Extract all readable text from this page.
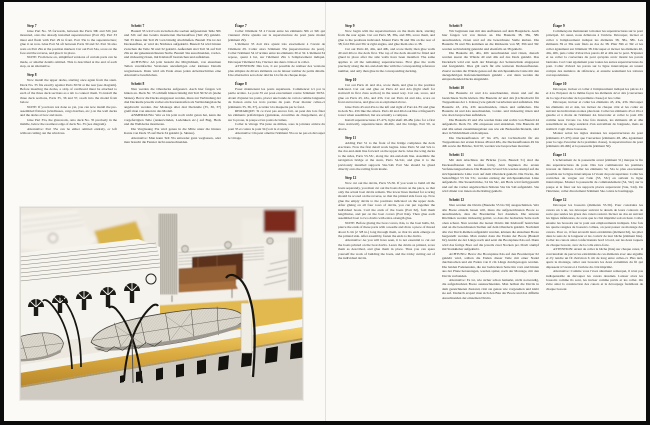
Step 7

Glue Part No. 33 forwards, between the Parts 30b and 32b just mounted, onto the already installed superstructure (Part 29). Part 33 must end flush with Part 29 in front. Part 33a is the superstructure; glue it on now. Glue Part 34 aft between Parts 30 and 32. Part 34 also rests on Part 29a at the position marked. Cut out Part 34a, score on the face and the reverse, and glue it in place.

NOTE: From here on, simplified versions of certain parts can be made, or smaller details omitted. This is described at the end of each step, as an alternative.

Step 8

Now install the upper decks, starting once again from the stern. Deck No. 35 fits exactly against Parts 30/32 at the rear (see diagram). Before inserting the decks, a strip of cardboard must be attached to each of the three deck sections as a tab to connect them. To install the three deck sections, Parts 35, 36 and 37, reach into the model from below.

NOTE: If you have not done so yet, you can now install the pre-assembled fixtures (windlasses, cargo hatches, etc.) on the well decks and the decks at bow and stern.

Glue Part 35a, the glasswork, onto deck No. 35 precisely in the middle, below the rearmost edge of deck No. 35 (see diagram).

Alternative: Part 35a can be either omitted entirely, or left without cutting out the windows.

Schritt 7

Bauteil 33 wird vorn zwischen die soeben aufgesetzten Teile 30b und 32b auf den bereits montierten Decksaufbau (Teil 29) geklebt. Teil 33 muss mit Teil 29 vorn bündig abschließen. Bauteil 33a ist der Decksaufbau, er wird als Nächstes aufgeklebt. Bauteil 34 wird hinten zwischen die Teile 30 und 32 geklebt. Außerdem sitzt Teil 34 auf Teil 29a an der gekennzeichneten Stelle. Bauteil 34a ausschneiden, vorder- und rückseitig ritzen, mit Klebstoff bestreichen und aufkleben.

ACHTUNG: Ab jetzt besteht die Möglichkeit, von einzelnen Teilen vereinfachte Versionen anzufertigen oder kleinere Details wegzulassen. Dazu wird am Ende eines jeden Arbeitsschrittes eine Alternative beschrieben.

Schritt 8

Nun werden die Oberdecks aufgesetzt. Auch hier fangen wir hinten an. Deck Nr. 35 schließt hinten bündig mit Teil 30/32 ab (siehe Skizze). Bevor die Decks eingepasst werden, muss zur Verbindung der drei Deckteile jeweils vorher ein Kartonstreifen als Verbindungslasche angebracht werden. Zur Montage aller drei Deckteile (35, 36, 37) greift man von unten in das Modell.

ANMERKUNG: Wer es bis jetzt noch nicht getan hat, kann die vorgefertigten Teile (Ankerwinden, Ladeluken etc.) auf Bug, Heck und die Welldecks montieren.

Die Verglasung 35a wird genau in die Mitte unter die hintere Kante von Deck 35 auf Deck 34 geklebt (s. Skizze).

Alternative: Man kann Teil 35a entweder ganz weglassen, oder man braucht die Fenster nicht auszuschneiden.

Étape 7

Coller l'élément 33 à l'avant entre les éléments 30b et 32b qui viennent d'être ajustés sur la superstructure du pont juste monté (élément 29).

L'élément 33 doit être ajusté très exactement à l'avant de l'élément 29. Coller alors l'élément 33a (superstructure du pont). Coller l'élément 34 à l'arrière entre les éléments 30 et 32. L'élément 34 repose, quant à lui, sur l'élément 29a à l'emplacement indiqué. Découper l'élément 34a, l'inciser des deux côtés et le coller.

ATTENTION: Dès lors, il est possible de réaliser des versions plus simples de divers éléments ou de laisser tomber de petits détails. Une alternative sera donc décrite à la fin de chaque étape.

Étape 8

Poser maintenant les ponts supérieurs. Commencer ici par la partie arrière. Le pont 35 est posé exactement contre l'élément 30/32. Avant d'ajuster les ponts, placer une bande de carton comme languette de liaison entre les trois parties du pont. Pour monter celles-ci (éléments 35, 36, 37), accéder à la maquette par le fond.

REMARQUE: Si ce n'est pas encore fait, on peut dès lors fixer les éléments préfabriqués (guindeau, écoutilles de chargement, etc.) sur la proue, la poupe et les ponts de lames.

Coller le vitrage 35a juste au milieu, sous la jointure arrière du pont 35 et contre le pont 34 (voir le croquis).

Alternative: On peut omettre l'élément 35a ou ne pas en découper le vitrage.

Step 9

Now begin with the superstructures on the main deck, starting from the rear again. Cut out Parts 38, 38a, and 38b, score them, and glue to the positions indicated. Mount Parts 39 and 39a on the rear of 38; fold 39b and 39c at right angles, and glue them also to 38.

Cut out Parts 40, 40a, and 40b, and score them; then glue walls 40 and 40a to the deck first. The top of the deck should be fitted and glued in place after the side walls have been installed. The same applies to all the remaining superstructures. First glue the walls precisely along the dot-and-dash line with the corresponding reference number, and only then glue in the corresponding decking.

Step 10

Cut out Parts 41 and 41a, score them, and glue to the position indicated. Cut out and glue on Parts 42 and 42a (light shaft for stairwell in first class section) in the usual way. Cut out, score, and glue on Parts 43, 43a, and 43b. Cut out Parts 44 and 44a, score on front and reverse, and glue on as explained above.

Glue Parts 45 and 45a to the left and right of Part 44. Fit and glue in deck No. 45b like the others. Parts 46 and 46a look like a lifeguard's tower when assembled, but are actually a compass.

Install superstructures 47-47b, light shaft 48-48a (also for a first class stairwell), superstructures 49-49b, and the bridge, Part 50, as above.

Step 11

Adding Part 51 to the front of the bridge completes the deck erections. Now the first detail work begins. Glue Parts 52 and 52a to the dot-and-dash line forward on the upper deck. Glue the wing decks to the sides, Parts 53-53c, along the dot-and-dash line. Assemble the navigation bridge at the stern, Parts 54-54c, and glue it to the previously installed supports 54a-54d. Part 54e should be glued directly onto the railing from inside.

Step 12

Now cut out the davits, Parts 55-56. If you want to build all the boats separately, you must cut out the boats drawn on the piece, so that only the actual boat davits remain. The lower lines marked for scoring should be scored on the reverse, so that the printed side faces up. Now glue the empty davits to the positions indicated on the upper deck. After gluing on all four rows of davits, you can put together the individual boats. Curl the ends of the boats (Part 62), fold them lengthwise, and put on the boat covers (Part 64a). Then glue each assembled boat to two davits with extra-strength glue.

NOTE: Before gluing the boat covers, 64a, to the boat hulls, 62, pierce the ends of these parts with a needle and draw a piece of thread about 6 cm (2 3/8 in.) long through them, so that its ends emerge on the printed side. After assembly, fasten the ends to the davits.

Alternative: As you will have seen, it is not essential to cut out the boats printed on the boat davits. Leave the davits as printed, score them as described, and glue them in place. Thus you can spare yourself the work of building the boats, and the tricky cutting out of the individual davits.

Schritt 9

Wir beginnen nun mit den Aufbauten auf dem Hauptdeck. Auch hier fangen wir von hinten an. Die Bauteile 38, 38a, 38b ausschneiden, ritzen und auf die bezeichnete Stelle kleben. Die Bauteile 39 und 39a kommen an die Rückseite von 38; 39b und 39c werden rechtwinklig geknickt und ebenfalls an 38 geklebt.

Die Bauteile 40, 40a, 40b ausschneiden und ritzen, danach werden zuerst die Wände 40 und 40a auf das Deck geklebt. Das Deckdach wird erst nach der Montage der Seitenwände eingepasst und festgeklebt. Dies gilt auch für alle weiteren Decksaufbauten. Zuerst werden die Wände genau auf die strichpunktierte Linie mit den dazugehörigen Referenznummern geklebt - erst dann werden die entsprechenden Decks eingeklebt.

Schritt 10

Die Bauteile 41 und 41a ausschneiden, ritzen und auf die bezeichnete Stelle kleben. Die Bauteile 42 und 42a (Lichtschacht für Treppenhaus der 1. Klasse) wie gehabt verarbeiten und aufkleben. Die Bauteile 43, 43a, 43b ausschneiden, ritzen und aufkleben. Die Bauteile 44 und 44a ausschneiden, vorder- und rückseitig ritzen und wie oben besprochen aufkleben.

Die Bauteile 45 und 45a werden links und rechts von Bauteil 44 aufgeklebt. Deck Nr. 45b einpassen und einkleben. Die Bauteile 46 und 46a sehen zusammengebaut aus wie ein Badeaufsichtsturm, sind aber in Wirklichkeit ein Kompass.

Die Decksaufbauten 47 bis 47b, der Lichtschacht für ein Treppenhaus der ersten Klasse 48 und 48a, die Decksaufbauten 49 bis 49b sowie die Brücke, Teil 50, werden wie besprochen montiert.

Schritt 11

Mit dem Abschluss der Brücke (vorn, Bauteil 51) sind die Decksaufbauten im Großen fertig. Jetzt beginnen die ersten Verfeinerungsarbeiten. Die Bauteile 52 und 52a werden stumpf auf die strichpunktierte Linie vorn auf dem Oberdeck geklebt. Die Nocks, die Seitenflügel 53 bis 53c, werden entlang der strichpunktierten Linie aufgeklebt. Die Steuerbrücke, 54 bis 54c, am Heck wird fertiggestellt und auf die vorher angebrachten Stützen 54a bis 54d aufgeklebt. 54e wird direkt von innen an die Reling geklebt.

Schritt 12

Nun werden die Davits (Bauteile 55 bis 56) ausgeschnitten. Wer alle Boote einzeln bauen will, muss die aufgezeichneten Boote so ausschneiden, dass die Bootskräne frei dastehen. Die unteren Ritzlinien werden rückseitig geritzt, so dass die bedruckte Seite nach oben schaut. Nun werden die leeren Davits mit Klebstoff bestrichen und an die bezeichneten Stellen auf dem Oberdeck geklebt. Nachdem alle vier Davit-Reihen aufgeklebt wurden, können die einzelnen Boote hergestellt werden. Man rundet dazu die Enden der Boote (Bauteil 62), knickt sie der Länge nach und setzt die Bootsplane 64a auf. Dann wird das fertige Boot auf die jeweils zwei Nocken pro Davit stumpf mit Starkkleber aufgeklebt.

ACHTUNG: Bevor die Bootsplane 64a auf den Bootskörper 62 geklebt wird, sollten die Enden dieser Teile mit einer Nadel durchstochen und ein Faden von 6 cm Länge durchgezogen werden. Die beiden Fadenenden, die zur bedruckten Seite hin vorn und hinten aus der Plane herausragen, werden später, nach der Montage, mit den Davits verbunden.

Alternative: Es ist, wie sicher schon bemerkt, nicht notwendig, die aufgedruckten Boote auszuschneiden. Man belässt die Davits in dem gezeichneten Zustand, ritzt sie genau wie vorgesehen und klebt sie auf. Dadurch erspart man sich den Bau der Boote und das diffizile Ausschneiden der einzelnen Davits.

Étape 9

Commençons maintenant à monter les superstructures sur le pont principal. Ici aussi, nous débutons à l'arrière. Découper, inciser et coller à l'emplacement indiqué les éléments 38, 38a, 38b. Les éléments 39 et 39a sont fixés au dos de 38. Plier 39b et 39c et les coller également sur l'élément 38. Découper et inciser les éléments 40, 40a, 40b, puis coller d'abord les parois 40 et 40a sur le pont. N'ajuster et ne coller la couverture du pont qu'après avoir monté les parois latérales. Ceci vaut également pour toutes les autres superstructures du pont. Coller d'abord les parois sur la ligne interrompue en tenant compte des numéros de référence, et ensuite seulement les toitures correspondantes.

Étape 10

Découper, inciser et coller à l'emplacement indiqué les pièces 41 et 41a. Préparer de la même façon les éléments 42 et 42a (couverture de la cage d'escalier de la première classe) et les coller.

Découper, inciser et coller les éléments 43, 43a, 43b. Découper les éléments 44 et 44a, les inciser de chaque côté et les coller en suivant les indications notées plus haut. Coller les éléments 45 et 45a à gauche et à droite de l'élément 44. Intercaler et coller le pont 45b comme nous l'avons vu. Une fois montés, les éléments 46 et 46a ressemblent au siège surélevé d'un surveillant de baignade, mais en réalité il s'agit d'une boussole.

Monter selon les règles données les superstructures du pont (éléments 47-47b) ainsi que l'ouverture (éléments 48, 48a, également pour la cage d'escalier de la première classe), la superstructure du pont (éléments 49-49b) et la passerelle (élément 50).

Étape 11

L'achèvement de la passerelle avant (élément 51) marque la fin des superstructures du pont. Dès lors commencent les premiers travaux de finition. Coller les éléments 52, 52a le plus exactement possible sur la ligne interrompue à l'avant du pont supérieur. Coller les corniches de vergue sur l'aile (53, 53c) en suivant la ligne interrompue. Monter la passerelle de commandement (54, 54c) sur la poupe et la fixer sur les supports placés auparavant (54a, 54d). De l'intérieur, coller directement l'élément 54e contre le bastingage.

Étape 12

Découper les bossoirs (éléments 55-56). Pour construire les canots un à un, les découper suivant le dessin de leurs contours de sorte que seules les grues des canots restent. Inciser au dos en suivant les lignes inférieures, de sorte que le côté imprimé soit en haut. Coller ensuite les bossoirs sur le pont aux emplacements indiqués. Une fois les quatre rangées de bossoirs collées, on peut passer au montage des canots. Pour ce, il faut arrondir leurs extrémités (élément 62), les plier dans le sens de la longueur et les couvrir de leur bâche (élément 64a). Coller les canots ainsi confectionnés bord à bord, sur les deux taquets de chaque bossoir, avec de la colle extra-forte.

ATTENTION: Avant de coller la bâche (64a) sur chaque canot, il conviendrait de percer les extrémités de ces éléments avec une aiguille et d'y tendre un fil d'environ 6 cm de long entre celles-ci. Plus tard, après le montage, relier aux bossoirs les deux extrémités du fil qui dépassent à l'avant et à l'arrière du côté imprimé.

Alternative: Comme vous l'avez sûrement remarqué, il n'est pas indispensable de découper les canots dessinés. Laisser alors les bossoirs comme ils sont, les inciser comme prévu et les coller. On évite ainsi la construction des canots et le découpage fastidieux de chaque bossoir.
